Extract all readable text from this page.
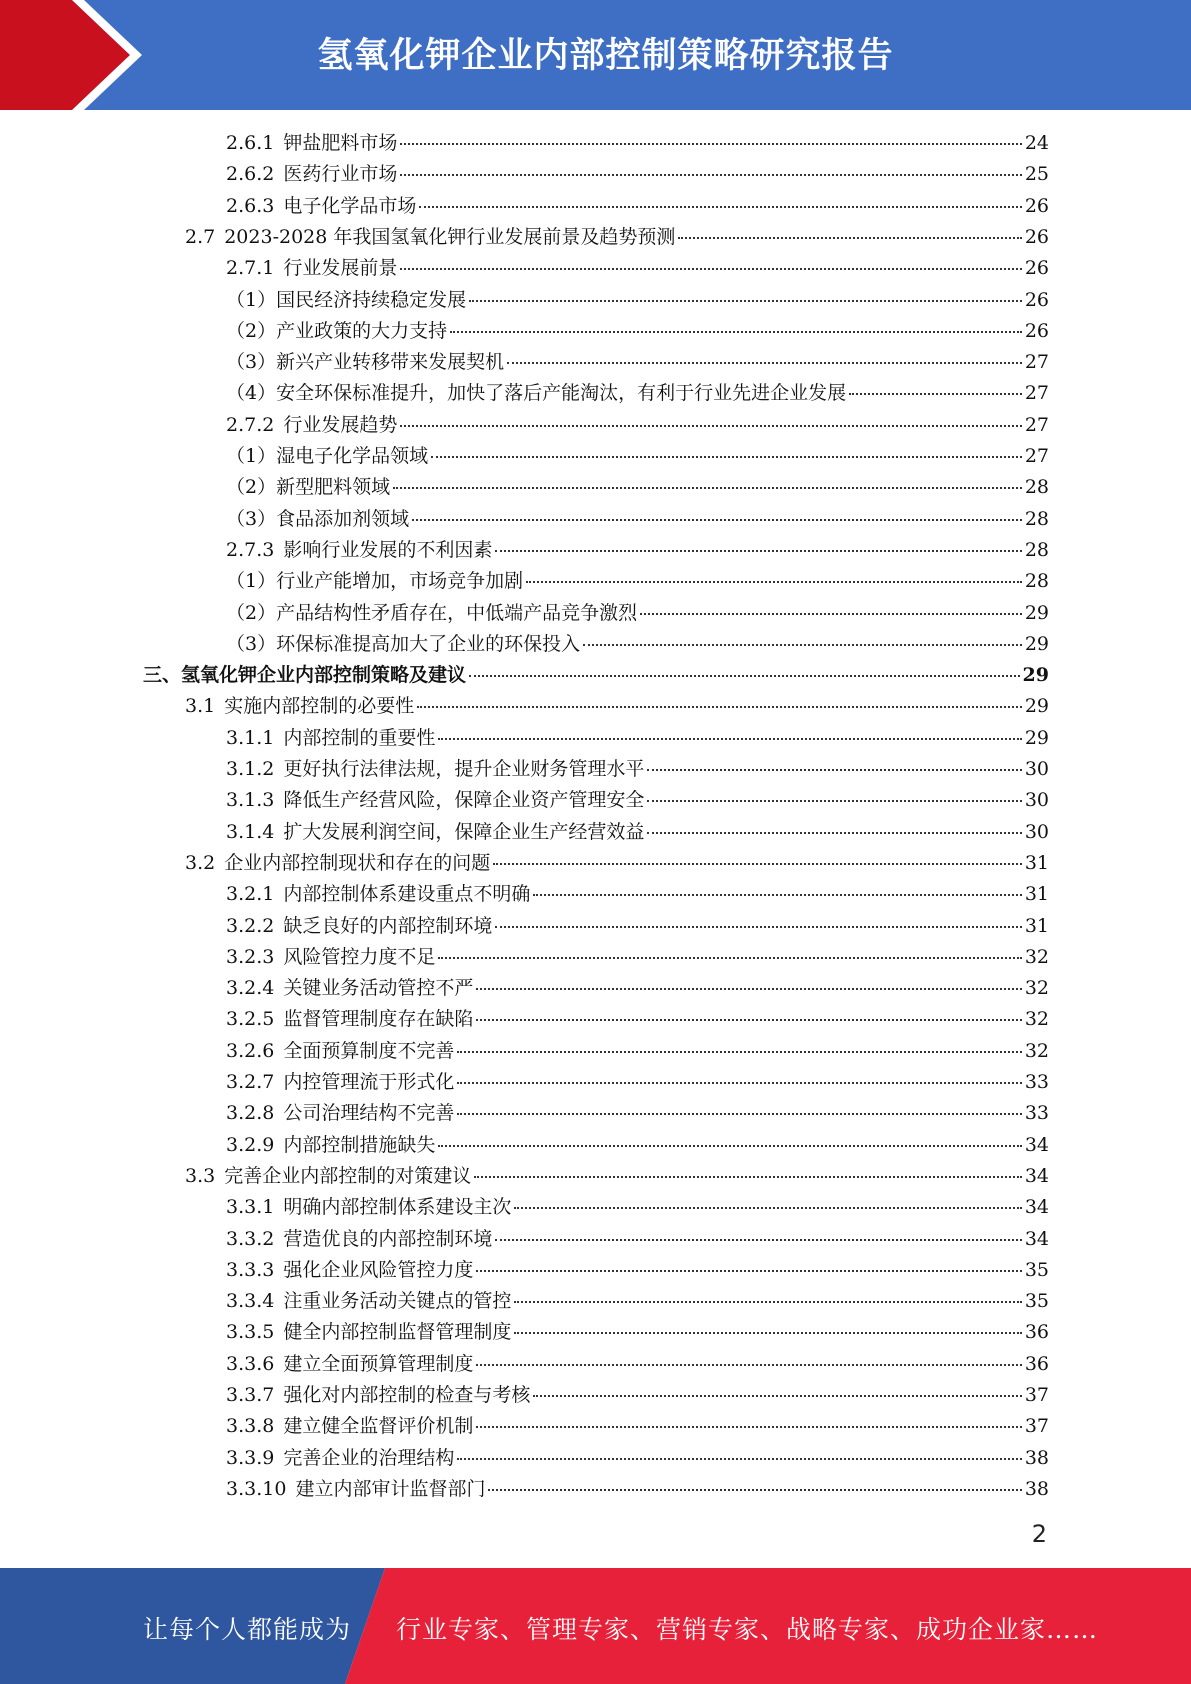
氢氧化钾企业内部控制策略研究报告
2.6.1 钾盐肥料市场	24
2.6.2 医药行业市场	25
2.6.3 电子化学品市场	26
2.7 2023-2028 年我国氢氧化钾行业发展前景及趋势预测	26
2.7.1 行业发展前景	26
（1） 国民经济持续稳定发展	26
（2） 产业政策的大力支持	26
（3） 新兴产业转移带来发展契机	27
（4） 安全环保标准提升，加快了落后产能淘汰，有利于行业先进企业发展	27
2.7.2 行业发展趋势	27
（1） 湿电子化学品领域	27
（2） 新型肥料领域	28
（3） 食品添加剂领域	28
2.7.3 影响行业发展的不利因素	28
（1） 行业产能增加，市场竞争加剧	28
（2） 产品结构性矛盾存在，中低端产品竞争激烈	29
（3） 环保标准提高加大了企业的环保投入	29
三、 氢氧化钾企业内部控制策略及建议	29
3.1 实施内部控制的必要性	29
3.1.1 内部控制的重要性	29
3.1.2 更好执行法律法规，提升企业财务管理水平	30
3.1.3 降低生产经营风险，保障企业资产管理安全	30
3.1.4 扩大发展利润空间，保障企业生产经营效益	30
3.2 企业内部控制现状和存在的问题	31
3.2.1 内部控制体系建设重点不明确	31
3.2.2 缺乏良好的内部控制环境	31
3.2.3 风险管控力度不足	32
3.2.4 关键业务活动管控不严	32
3.2.5 监督管理制度存在缺陷	32
3.2.6 全面预算制度不完善	32
3.2.7 内控管理流于形式化	33
3.2.8 公司治理结构不完善	33
3.2.9 内部控制措施缺失	34
3.3 完善企业内部控制的对策建议	34
3.3.1 明确内部控制体系建设主次	34
3.3.2 营造优良的内部控制环境	34
3.3.3 强化企业风险管控力度	35
3.3.4 注重业务活动关键点的管控	35
3.3.5 健全内部控制监督管理制度	36
3.3.6 建立全面预算管理制度	36
3.3.7 强化对内部控制的检查与考核	37
3.3.8 建立健全监督评价机制	37
3.3.9 完善企业的治理结构	38
3.3.10 建立内部审计监督部门	38
2
让每个人都能成为 行业专家、管理专家、营销专家、战略专家、成功企业家……
